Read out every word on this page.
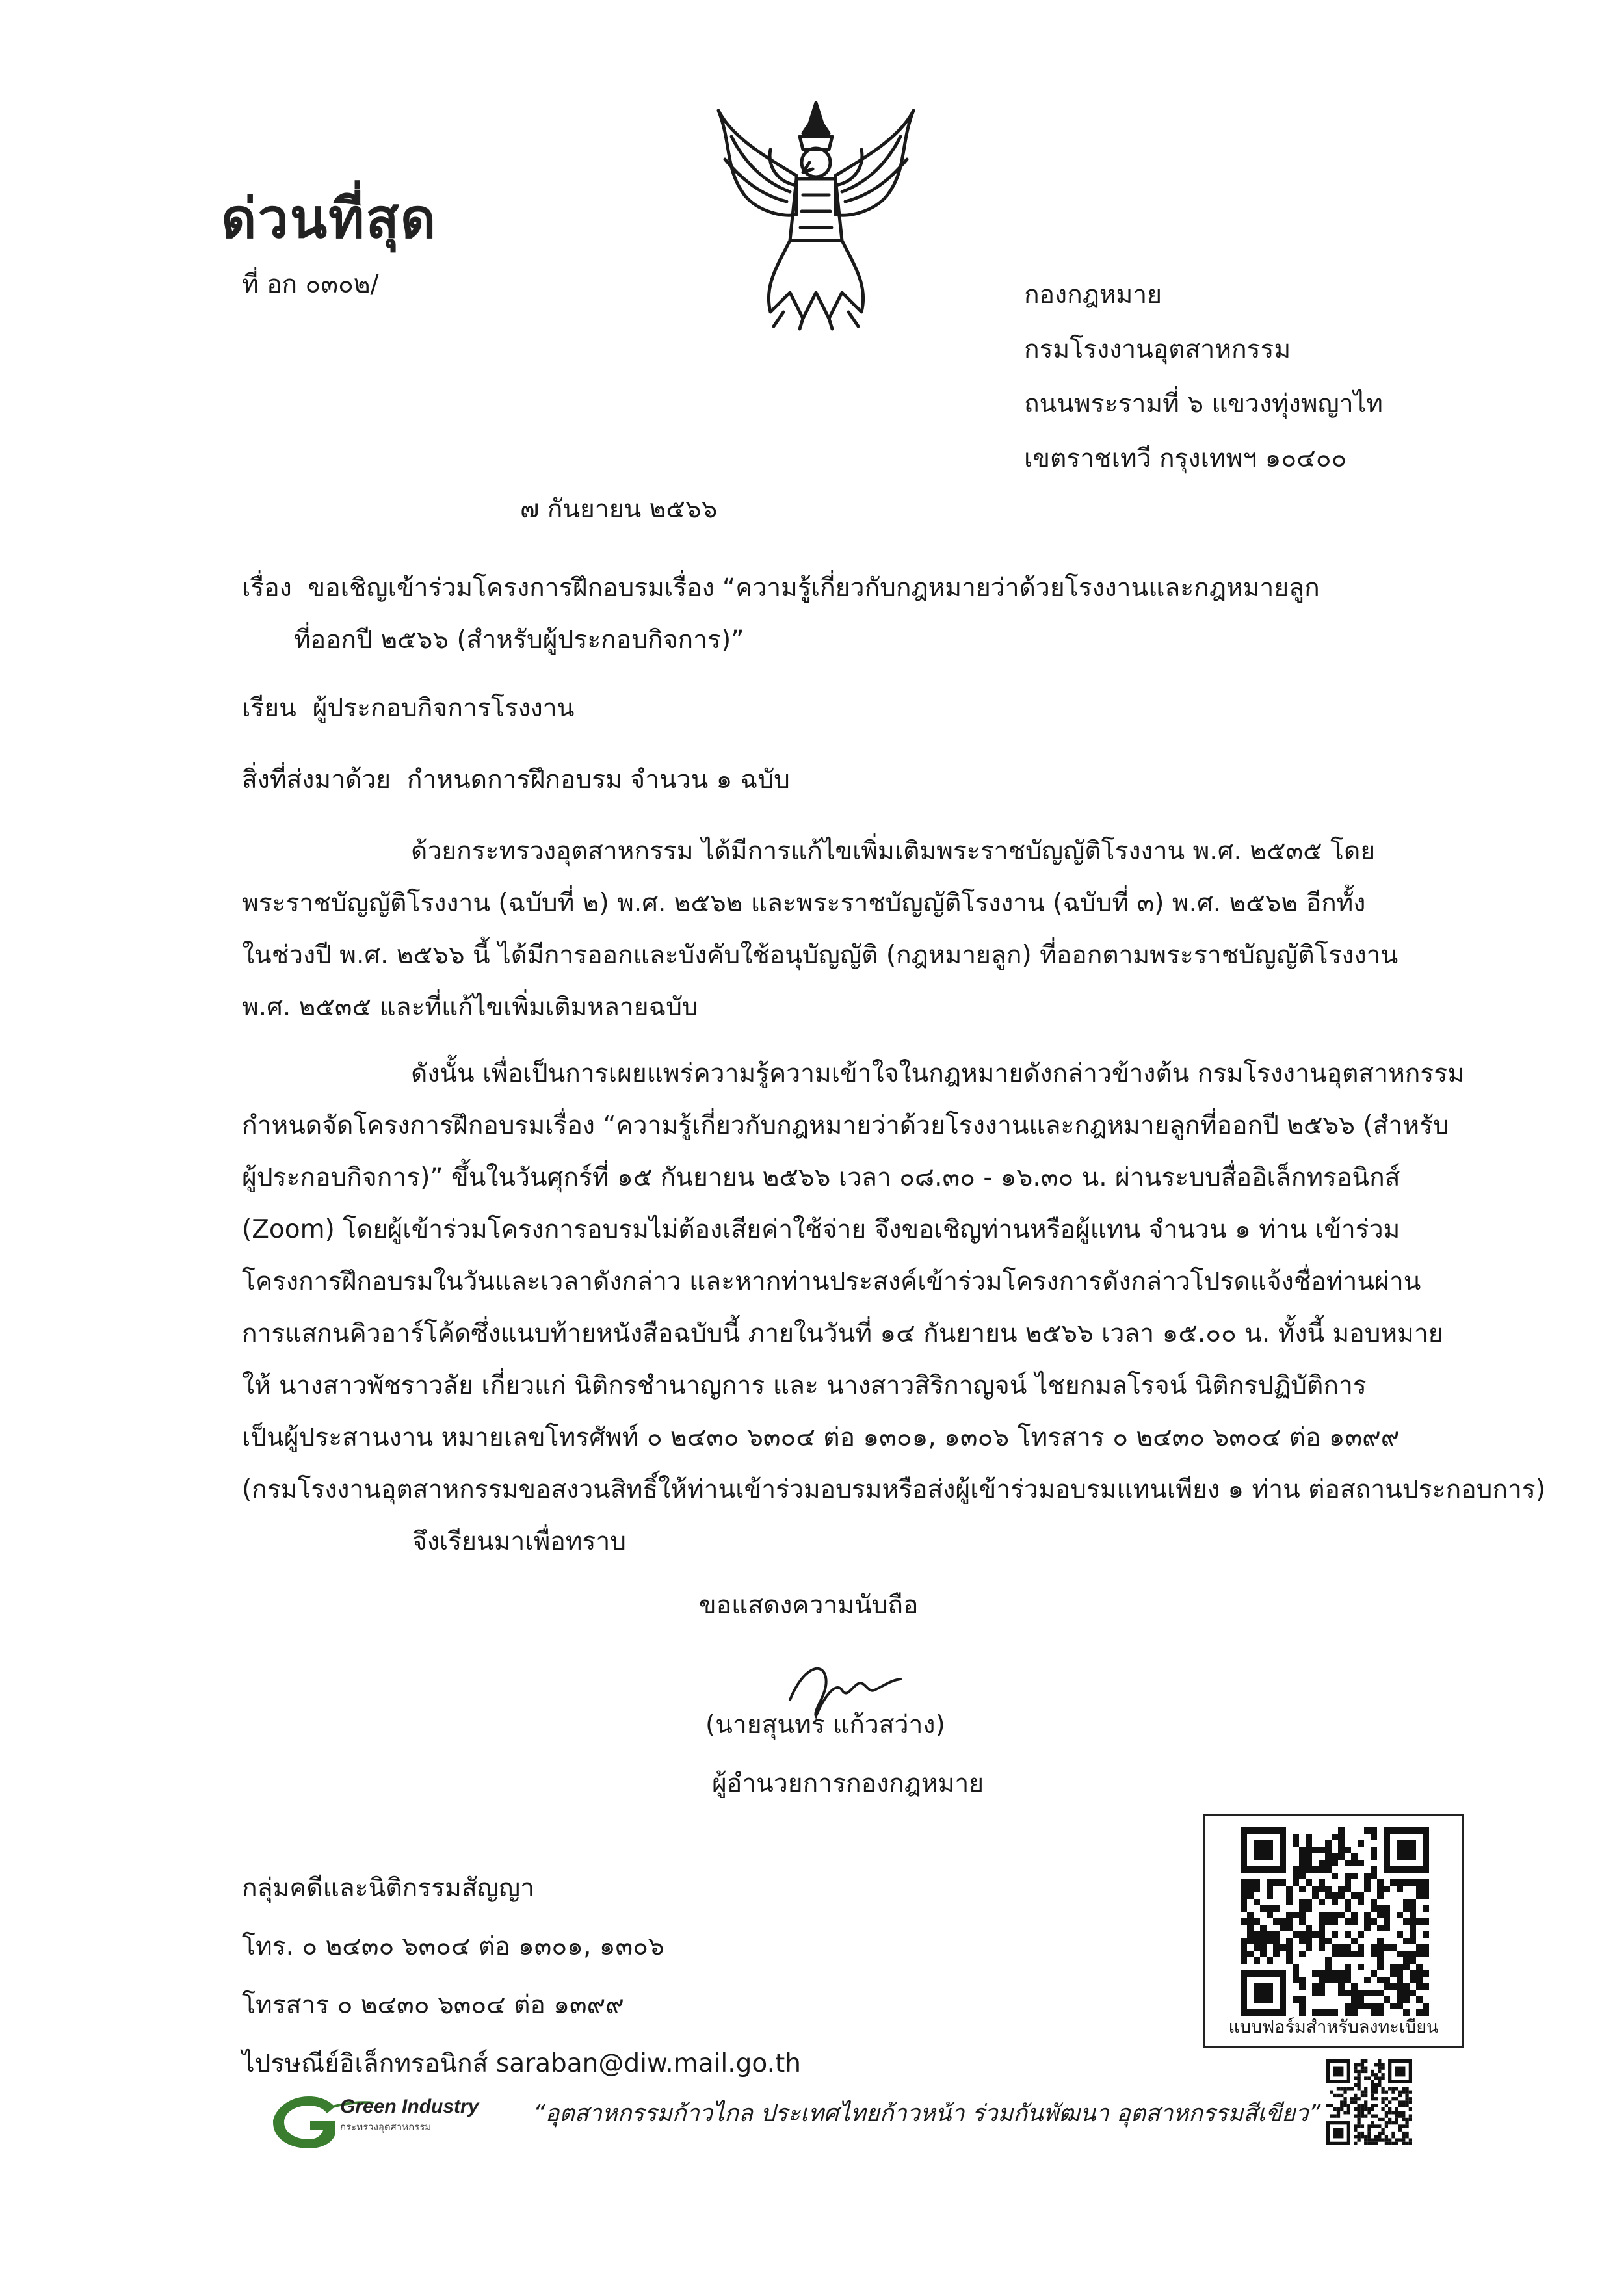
ด่วนที่สุด
ที่ อก ๐๓๐๒/	กองกฎหมาย
กรมโรงงานอุตสาหกรรม
ถนนพระรามที่ ๖ แขวงทุ่งพญาไท
เขตราชเทวี กรุงเทพฯ ๑๐๔๐๐
๗ กันยายน ๒๕๖๖
เรื่อง ขอเชิญเข้าร่วมโครงการฝึกอบรมเรื่อง “ความรู้เกี่ยวกับกฎหมายว่าด้วยโรงงานและกฎหมายลูก
ที่ออกปี ๒๕๖๖ (สำหรับผู้ประกอบกิจการ)”
เรียน ผู้ประกอบกิจการโรงงาน
สิ่งที่ส่งมาด้วย กำหนดการฝึกอบรม จำนวน ๑ ฉบับ
ด้วยกระทรวงอุตสาหกรรม ได้มีการแก้ไขเพิ่มเติมพระราชบัญญัติโรงงาน พ.ศ. ๒๕๓๕ โดย
พระราชบัญญัติโรงงาน (ฉบับที่ ๒) พ.ศ. ๒๕๖๒ และพระราชบัญญัติโรงงาน (ฉบับที่ ๓) พ.ศ. ๒๕๖๒ อีกทั้ง
ในช่วงปี พ.ศ. ๒๕๖๖ นี้ ได้มีการออกและบังคับใช้อนุบัญญัติ (กฎหมายลูก) ที่ออกตามพระราชบัญญัติโรงงาน
พ.ศ. ๒๕๓๕ และที่แก้ไขเพิ่มเติมหลายฉบับ
ดังนั้น เพื่อเป็นการเผยแพร่ความรู้ความเข้าใจในกฎหมายดังกล่าวข้างต้น กรมโรงงานอุตสาหกรรม
กำหนดจัดโครงการฝึกอบรมเรื่อง “ความรู้เกี่ยวกับกฎหมายว่าด้วยโรงงานและกฎหมายลูกที่ออกปี ๒๕๖๖ (สำหรับ
ผู้ประกอบกิจการ)” ขึ้นในวันศุกร์ที่ ๑๕ กันยายน ๒๕๖๖ เวลา ๐๘.๓๐ - ๑๖.๓๐ น. ผ่านระบบสื่ออิเล็กทรอนิกส์
(Zoom) โดยผู้เข้าร่วมโครงการอบรมไม่ต้องเสียค่าใช้จ่าย จึงขอเชิญท่านหรือผู้แทน จำนวน ๑ ท่าน เข้าร่วม
โครงการฝึกอบรมในวันและเวลาดังกล่าว และหากท่านประสงค์เข้าร่วมโครงการดังกล่าวโปรดแจ้งชื่อท่านผ่าน
การแสกนคิวอาร์โค้ดซึ่งแนบท้ายหนังสือฉบับนี้ ภายในวันที่ ๑๔ กันยายน ๒๕๖๖ เวลา ๑๕.๐๐ น. ทั้งนี้ มอบหมาย
ให้ นางสาวพัชราวลัย เกี่ยวแก่ นิติกรชำนาญการ และ นางสาวสิริกาญจน์ ไชยกมลโรจน์ นิติกรปฏิบัติการ
เป็นผู้ประสานงาน หมายเลขโทรศัพท์ ๐ ๒๔๓๐ ๖๓๐๔ ต่อ ๑๓๐๑, ๑๓๐๖ โทรสาร ๐ ๒๔๓๐ ๖๓๐๔ ต่อ ๑๓๙๙
(กรมโรงงานอุตสาหกรรมขอสงวนสิทธิ์ให้ท่านเข้าร่วมอบรมหรือส่งผู้เข้าร่วมอบรมแทนเพียง ๑ ท่าน ต่อสถานประกอบการ)
จึงเรียนมาเพื่อทราบ
ขอแสดงความนับถือ
(นายสุนทร แก้วสว่าง)
ผู้อำนวยการกองกฎหมาย
กลุ่มคดีและนิติกรรมสัญญา
โทร. ๐ ๒๔๓๐ ๖๓๐๔ ต่อ ๑๓๐๑, ๑๓๐๖
โทรสาร ๐ ๒๔๓๐ ๖๓๐๔ ต่อ ๑๓๙๙
ไปรษณีย์อิเล็กทรอนิกส์ saraban@diw.mail.go.th
แบบฟอร์มสำหรับลงทะเบียน
Green Industry
กระทรวงอุตสาหกรรม
“อุตสาหกรรมก้าวไกล ประเทศไทยก้าวหน้า ร่วมกันพัฒนา อุตสาหกรรมสีเขียว”
